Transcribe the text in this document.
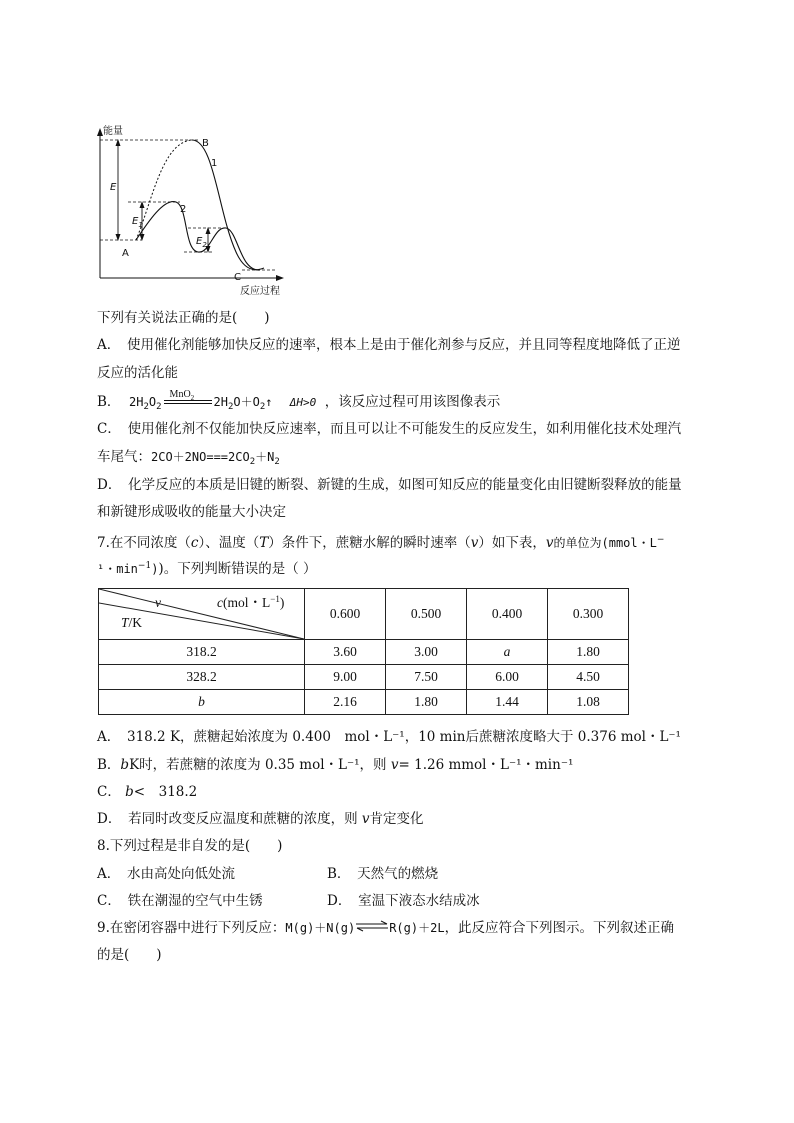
能量
反应过程
E
$E_1$
$E_2$
A
B
1
2
C
下列有关说法正确的是(　　)
A．　使用催化剂能够加快反应的速率，根本上是由于催化剂参与反应，并且同等程度地降低了正逆
反应的活化能
B． $2H_2O_2$
MnO$_2$ $2H_2O+O_2↑$ ΔH>0 ，该反应过程可用该图像表示
C．　使用催化剂不仅能加快反应速率，而且可以让不可能发生的反应发生，如利用催化技术处理汽
车尾气：$2CO+2NO===2CO_2+N_2$
D．　化学反应的本质是旧键的断裂、新键的生成，如图可知反应的能量变化由旧键断裂释放的能量
和新键形成吸收的能量大小决定
7.在不同浓度（c）、温度（T）条件下，蔗糖水解的瞬时速率（v）如下表，v的单位为(mmol・L−
¹・$\min^{-1}$))。下列判断错误的是（ ）
c(mol・$L^{-1}$)
v
T/K	0.600	0.500	0.400	0.300
318.2	3.60	3.00	a	1.80
328.2	9.00	7.50	6.00	4.50
b	2.16	1.80	1.44	1.08
A．　318.2 K，蔗糖起始浓度为 0.400　mol・L⁻¹，10 min后蔗糖浓度略大于 0.376 mol・L⁻¹
B．bK时，若蔗糖的浓度为 0.35 mol・L⁻¹，则 v= 1.26 mmol・L⁻¹・min⁻¹
C． b<　318.2
D．　若同时改变反应温度和蔗糖的浓度，则 v肯定变化
8.下列过程是非自发的是(　　)
A．　水由高处向低处流	B．　天然气的燃烧
C．　铁在潮湿的空气中生锈	D．　室温下液态水结成冰
9.在密闭容器中进行下列反应：M(g)＋N(g)⇌R(g)＋2L，此反应符合下列图示。下列叙述正确
的是(　　)
